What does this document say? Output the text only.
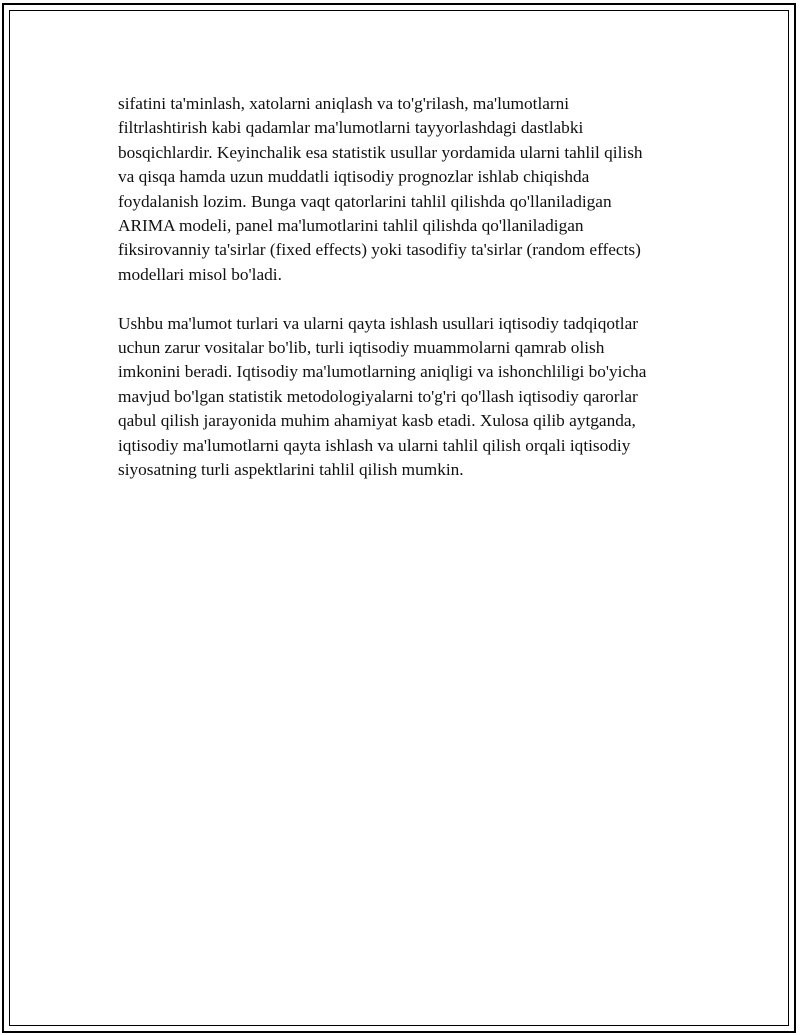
sifatini ta'minlash, xatolarni aniqlash va to'g'rilash, ma'lumotlarni
filtrlashtirish kabi qadamlar ma'lumotlarni tayyorlashdagi dastlabki
bosqichlardir. Keyinchalik esa statistik usullar yordamida ularni tahlil qilish
va qisqa hamda uzun muddatli iqtisodiy prognozlar ishlab chiqishda
foydalanish lozim. Bunga vaqt qatorlarini tahlil qilishda qo'llaniladigan
ARIMA modeli, panel ma'lumotlarini tahlil qilishda qo'llaniladigan
fiksirovanniy ta'sirlar (fixed effects) yoki tasodifiy ta'sirlar (random effects)
modellari misol bo'ladi.

Ushbu ma'lumot turlari va ularni qayta ishlash usullari iqtisodiy tadqiqotlar
uchun zarur vositalar bo'lib, turli iqtisodiy muammolarni qamrab olish
imkonini beradi. Iqtisodiy ma'lumotlarning aniqligi va ishonchliligi bo'yicha
mavjud bo'lgan statistik metodologiyalarni to'g'ri qo'llash iqtisodiy qarorlar
qabul qilish jarayonida muhim ahamiyat kasb etadi. Xulosa qilib aytganda,
iqtisodiy ma'lumotlarni qayta ishlash va ularni tahlil qilish orqali iqtisodiy
siyosatning turli aspektlarini tahlil qilish mumkin.
